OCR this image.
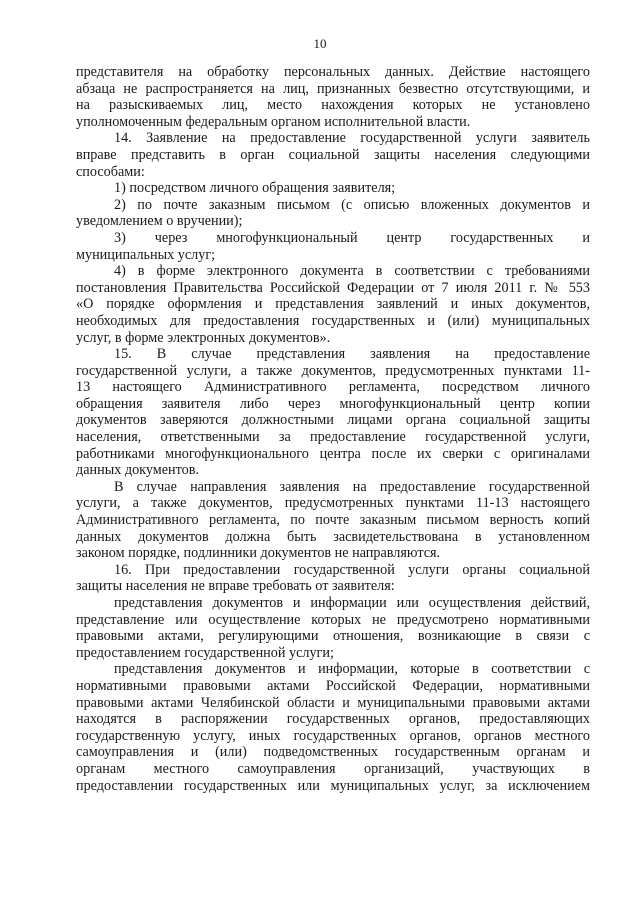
10
представителя на обработку персональных данных. Действие настоящего
абзаца не распространяется на лиц, признанных безвестно отсутствующими, и
на разыскиваемых лиц, место нахождения которых не установлено
уполномоченным федеральным органом исполнительной власти.
14. Заявление на предоставление государственной услуги заявитель
вправе представить в орган социальной защиты населения следующими
способами:
1) посредством личного обращения заявителя;
2) по почте заказным письмом (с описью вложенных документов и
уведомлением о вручении);
3) через многофункциональный центр государственных и
муниципальных услуг;
4) в форме электронного документа в соответствии с требованиями
постановления Правительства Российской Федерации от 7 июля 2011 г. № 553
«О порядке оформления и представления заявлений и иных документов,
необходимых для предоставления государственных и (или) муниципальных
услуг, в форме электронных документов».
15. В случае представления заявления на предоставление
государственной услуги, а также документов, предусмотренных пунктами 11-
13 настоящего Административного регламента, посредством личного
обращения заявителя либо через многофункциональный центр копии
документов заверяются должностными лицами органа социальной защиты
населения, ответственными за предоставление государственной услуги,
работниками многофункционального центра после их сверки с оригиналами
данных документов.
В случае направления заявления на предоставление государственной
услуги, а также документов, предусмотренных пунктами 11-13 настоящего
Административного регламента, по почте заказным письмом верность копий
данных документов должна быть засвидетельствована в установленном
законом порядке, подлинники документов не направляются.
16. При предоставлении государственной услуги органы социальной
защиты населения не вправе требовать от заявителя:
представления документов и информации или осуществления действий,
представление или осуществление которых не предусмотрено нормативными
правовыми актами, регулирующими отношения, возникающие в связи с
предоставлением государственной услуги;
представления документов и информации, которые в соответствии с
нормативными правовыми актами Российской Федерации, нормативными
правовыми актами Челябинской области и муниципальными правовыми актами
находятся в распоряжении государственных органов, предоставляющих
государственную услугу, иных государственных органов, органов местного
самоуправления и (или) подведомственных государственным органам и
органам местного самоуправления организаций, участвующих в
предоставлении государственных или муниципальных услуг, за исключением
